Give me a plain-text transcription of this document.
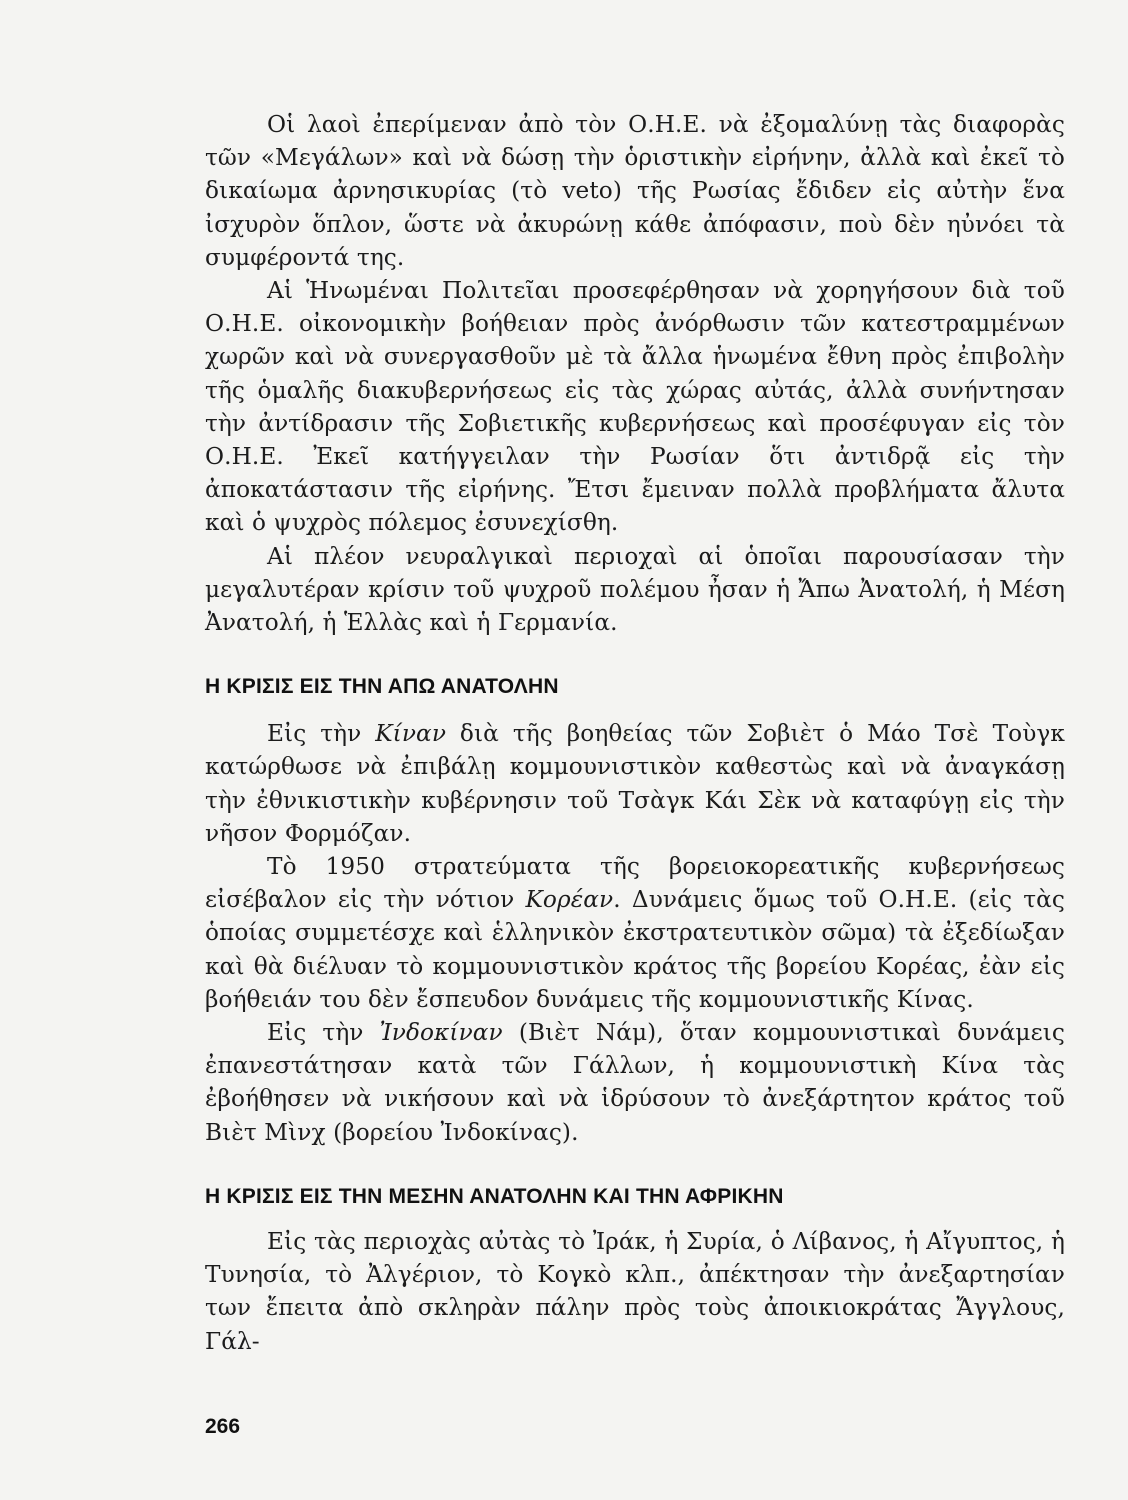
Οἱ λαοὶ ἐπερίμεναν ἀπὸ τὸν Ο.Η.Ε. νὰ ἐξομαλύνῃ τὰς διαφορὰς τῶν «Μεγάλων» καὶ νὰ δώσῃ τὴν ὁριστικὴν εἰρήνην, ἀλλὰ καὶ ἐκεῖ τὸ δικαίωμα ἀρνησικυρίας (τὸ veto) τῆς Ρωσίας ἔδιδεν εἰς αὐτὴν ἕνα ἰσχυρὸν ὅπλον, ὥστε νὰ ἀκυρώνῃ κάθε ἀπόφασιν, ποὺ δὲν ηὐνόει τὰ συμφέροντά της.

Αἱ Ἡνωμέναι Πολιτεῖαι προσεφέρθησαν νὰ χορηγήσουν διὰ τοῦ Ο.Η.Ε. οἰκονομικὴν βοήθειαν πρὸς ἀνόρθωσιν τῶν κατεστραμμένων χωρῶν καὶ νὰ συνεργασθοῦν μὲ τὰ ἄλλα ἡνωμένα ἔθνη πρὸς ἐπιβολὴν τῆς ὁμαλῆς διακυβερνήσεως εἰς τὰς χώρας αὐτάς, ἀλλὰ συνήντησαν τὴν ἀντίδρασιν τῆς Σοβιετικῆς κυβερνήσεως καὶ προσέφυγαν εἰς τὸν Ο.Η.Ε. Ἐκεῖ κατήγγειλαν τὴν Ρωσίαν ὅτι ἀντιδρᾷ εἰς τὴν ἀποκατάστασιν τῆς εἰρήνης. Ἔτσι ἔμειναν πολλὰ προβλήματα ἄλυτα καὶ ὁ ψυχρὸς πόλεμος ἐσυνεχίσθη.

Αἱ πλέον νευραλγικαὶ περιοχαὶ αἱ ὁποῖαι παρουσίασαν τὴν μεγαλυτέραν κρίσιν τοῦ ψυχροῦ πολέμου ἦσαν ἡ Ἄπω Ἀνατολή, ἡ Μέση Ἀνατολή, ἡ Ἑλλὰς καὶ ἡ Γερμανία.

Η ΚΡΙΣΙΣ ΕΙΣ ΤΗΝ ΑΠΩ ΑΝΑΤΟΛΗΝ

Εἰς τὴν Κίναν διὰ τῆς βοηθείας τῶν Σοβιὲτ ὁ Μάο Τσὲ Τοὺγκ κατώρθωσε νὰ ἐπιβάλῃ κομμουνιστικὸν καθεστὼς καὶ νὰ ἀναγκάσῃ τὴν ἐθνικιστικὴν κυβέρνησιν τοῦ Τσὰγκ Κάι Σὲκ νὰ καταφύγῃ εἰς τὴν νῆσον Φορμόζαν.

Τὸ 1950 στρατεύματα τῆς βορειοκορεατικῆς κυβερνήσεως εἰσέβαλον εἰς τὴν νότιον Κορέαν. Δυνάμεις ὅμως τοῦ Ο.Η.Ε. (εἰς τὰς ὁποίας συμμετέσχε καὶ ἑλληνικὸν ἐκστρατευτικὸν σῶμα) τὰ ἐξεδίωξαν καὶ θὰ διέλυαν τὸ κομμουνιστικὸν κράτος τῆς βορείου Κορέας, ἐὰν εἰς βοήθειάν του δὲν ἔσπευδον δυνάμεις τῆς κομμουνιστικῆς Κίνας.

Εἰς τὴν Ἰνδοκίναν (Βιὲτ Νάμ), ὅταν κομμουνιστικαὶ δυνάμεις ἐπανεστάτησαν κατὰ τῶν Γάλλων, ἡ κομμουνιστικὴ Κίνα τὰς ἐβοήθησεν νὰ νικήσουν καὶ νὰ ἱδρύσουν τὸ ἀνεξάρτητον κράτος τοῦ Βιὲτ Μὶνχ (βορείου Ἰνδοκίνας).

Η ΚΡΙΣΙΣ ΕΙΣ ΤΗΝ ΜΕΣΗΝ ΑΝΑΤΟΛΗΝ ΚΑΙ ΤΗΝ ΑΦΡΙΚΗΝ

Εἰς τὰς περιοχὰς αὐτὰς τὸ Ἰράκ, ἡ Συρία, ὁ Λίβανος, ἡ Αἴγυπτος, ἡ Τυνησία, τὸ Ἀλγέριον, τὸ Κογκὸ κλπ., ἀπέκτησαν τὴν ἀνεξαρτησίαν των ἔπειτα ἀπὸ σκληρὰν πάλην πρὸς τοὺς ἀποικιοκράτας Ἄγγλους, Γάλ-

266
